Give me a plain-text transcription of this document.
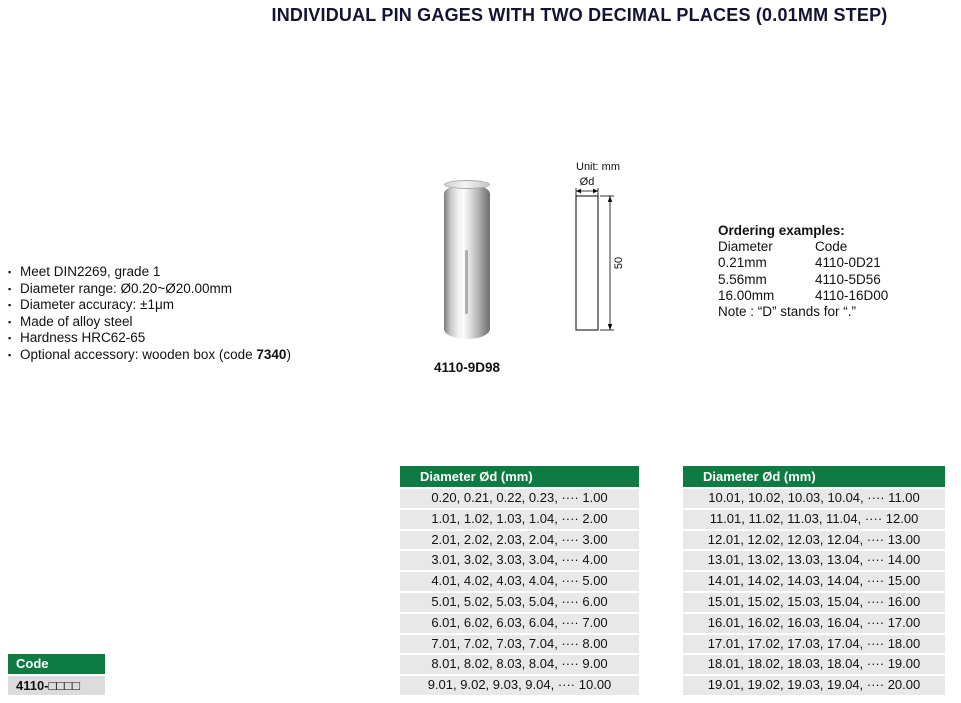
INDIVIDUAL PIN GAGES WITH TWO DECIMAL PLACES (0.01MM STEP)
▪ Meet DIN2269, grade 1
▪ Diameter range: Ø0.20~Ø20.00mm
▪ Diameter accuracy: ±1μm
▪ Made of alloy steel
▪ Hardness HRC62-65
▪ Optional accessory: wooden box (code 7340)
4110-9D98
Unit: mm
Ød
50
Ordering examples:
Diameter	Code
0.21mm	4110-0D21
5.56mm	4110-5D56
16.00mm	4110-16D00
Note : “D” stands for “.”
Diameter Ød (mm)
0.20, 0.21, 0.22, 0.23, ···· 1.00
1.01, 1.02, 1.03, 1.04, ···· 2.00
2.01, 2.02, 2.03, 2.04, ···· 3.00
3.01, 3.02, 3.03, 3.04, ···· 4.00
4.01, 4.02, 4.03, 4.04, ···· 5.00
5.01, 5.02, 5.03, 5.04, ···· 6.00
6.01, 6.02, 6.03, 6.04, ···· 7.00
7.01, 7.02, 7.03, 7.04, ···· 8.00
8.01, 8.02, 8.03, 8.04, ···· 9.00
9.01, 9.02, 9.03, 9.04, ···· 10.00
Diameter Ød (mm)
10.01, 10.02, 10.03, 10.04, ···· 11.00
11.01, 11.02, 11.03, 11.04, ···· 12.00
12.01, 12.02, 12.03, 12.04, ···· 13.00
13.01, 13.02, 13.03, 13.04, ···· 14.00
14.01, 14.02, 14.03, 14.04, ···· 15.00
15.01, 15.02, 15.03, 15.04, ···· 16.00
16.01, 16.02, 16.03, 16.04, ···· 17.00
17.01, 17.02, 17.03, 17.04, ···· 18.00
18.01, 18.02, 18.03, 18.04, ···· 19.00
19.01, 19.02, 19.03, 19.04, ···· 20.00
Code
4110-□□□□
